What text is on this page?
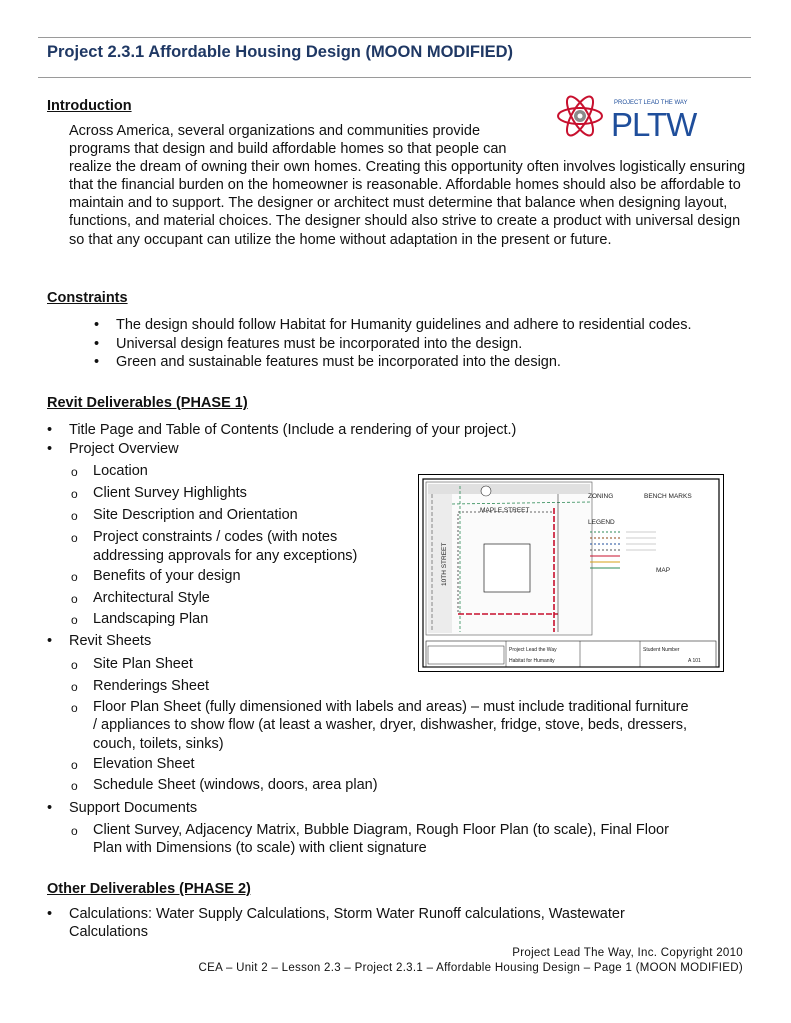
Project 2.3.1 Affordable Housing Design (MOON MODIFIED)
PROJECT LEAD THE WAY
PLTW
Introduction

Across America, several organizations and communities provide programs that design and build affordable homes so that people can realize the dream of owning their own homes. Creating this opportunity often involves logistically ensuring that the financial burden on the homeowner is reasonable. Affordable homes should also be affordable to maintain and to support. The designer or architect must determine that balance when designing layout, functions, and material choices. The designer should also strive to create a product with universal design so that any occupant can utilize the home without adaptation in the present or future.

Constraints
• The design should follow Habitat for Humanity guidelines and adhere to residential codes.
• Universal design features must be incorporated into the design.
• Green and sustainable features must be incorporated into the design.
Revit Deliverables (PHASE 1)
• Title Page and Table of Contents (Include a rendering of your project.)
• Project Overview
o Location
o Client Survey Highlights
o Site Description and Orientation
o Project constraints / codes (with notes
addressing approvals for any exceptions)
o Benefits of your design
o Architectural Style
o Landscaping Plan
• Revit Sheets
o Site Plan Sheet
o Renderings Sheet
o Floor Plan Sheet (fully dimensioned with labels and areas) – must include traditional furniture
/ appliances to show flow (at least a washer, dryer, dishwasher, fridge, stove, beds, dressers,
couch, toilets, sinks)
o Elevation Sheet
o Schedule Sheet (windows, doors, area plan)
• Support Documents
o Client Survey, Adjacency Matrix, Bubble Diagram, Rough Floor Plan (to scale), Final Floor
Plan with Dimensions (to scale) with client signature
Other Deliverables (PHASE 2)
• Calculations: Water Supply Calculations, Storm Water Runoff calculations, Wastewater
Calculations
MAPLE STREET
10TH STREET
ZONING	BENCH MARKS
LEGEND
MAP
Project Lead the Way
Habitat for Humanity
Student Number
A 101

Project Lead The Way, Inc. Copyright 2010

CEA – Unit 2 – Lesson 2.3 – Project 2.3.1 – Affordable Housing Design – Page 1 (MOON MODIFIED)
